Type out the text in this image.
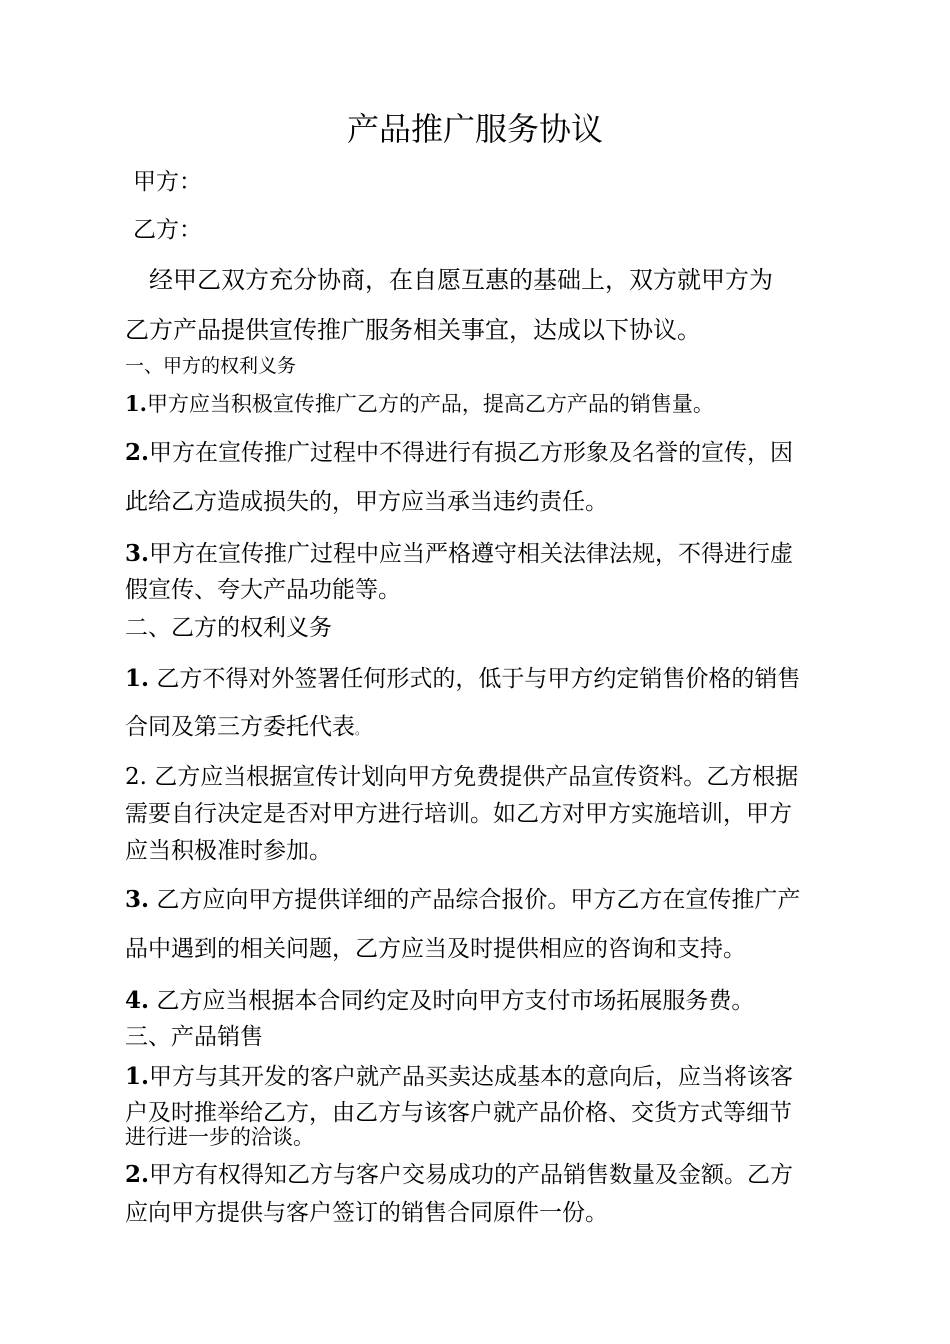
产品推广服务协议
甲方：
乙方：
经甲乙双方充分协商，在自愿互惠的基础上，双方就甲方为
乙方产品提供宣传推广服务相关事宜，达成以下协议。
一、甲方的权利义务
1.甲方应当积极宣传推广乙方的产品，提高乙方产品的销售量。
2.甲方在宣传推广过程中不得进行有损乙方形象及名誉的宣传，因
此给乙方造成损失的，甲方应当承当违约责任。
3.甲方在宣传推广过程中应当严格遵守相关法律法规，不得进行虚
假宣传、夸大产品功能等。
二、乙方的权利义务
1. 乙方不得对外签署任何形式的，低于与甲方约定销售价格的销售
合同及第三方委托代表。
2. 乙方应当根据宣传计划向甲方免费提供产品宣传资料。乙方根据
需要自行决定是否对甲方进行培训。如乙方对甲方实施培训，甲方
应当积极准时参加。
3. 乙方应向甲方提供详细的产品综合报价。甲方乙方在宣传推广产
品中遇到的相关问题，乙方应当及时提供相应的咨询和支持。
4. 乙方应当根据本合同约定及时向甲方支付市场拓展服务费。
三、产品销售
1.甲方与其开发的客户就产品买卖达成基本的意向后，应当将该客
户及时推举给乙方，由乙方与该客户就产品价格、交货方式等细节
进行进一步的洽谈。
2.甲方有权得知乙方与客户交易成功的产品销售数量及金额。乙方
应向甲方提供与客户签订的销售合同原件一份。
